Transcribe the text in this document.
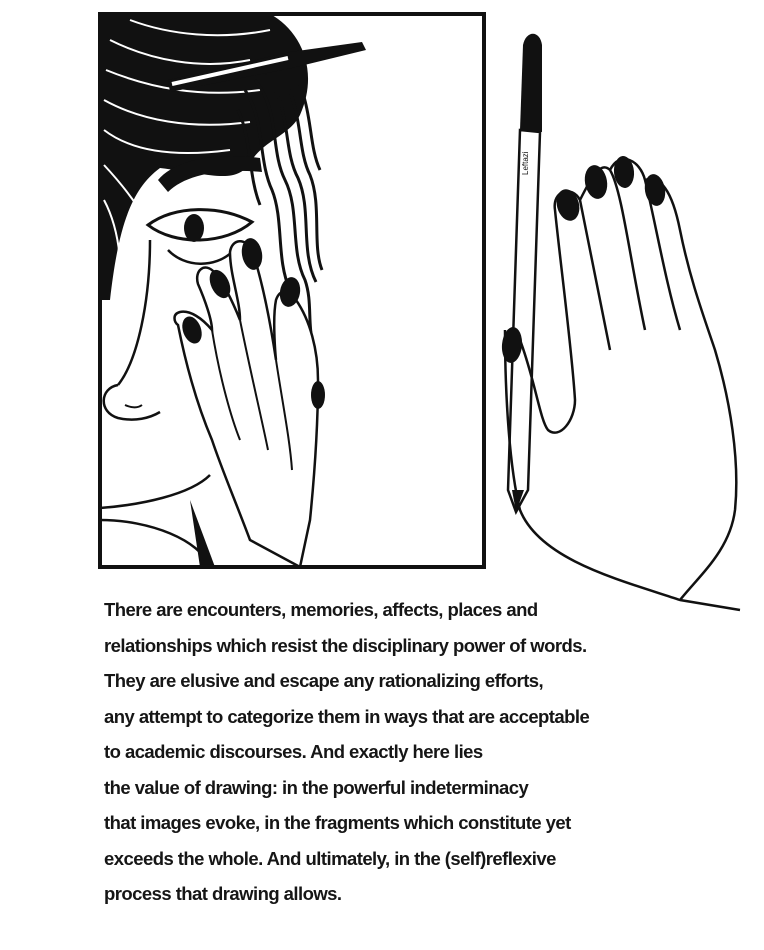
Leftazi
There are encounters, memories, affects, places and
relationships which resist the disciplinary power of words.
They are elusive and escape any rationalizing efforts,
any attempt to categorize them in ways that are acceptable
to academic discourses. And exactly here lies
the value of drawing: in the powerful indeterminacy
that images evoke, in the fragments which constitute yet
exceeds the whole. And ultimately, in the (self)reflexive
process that drawing allows.
